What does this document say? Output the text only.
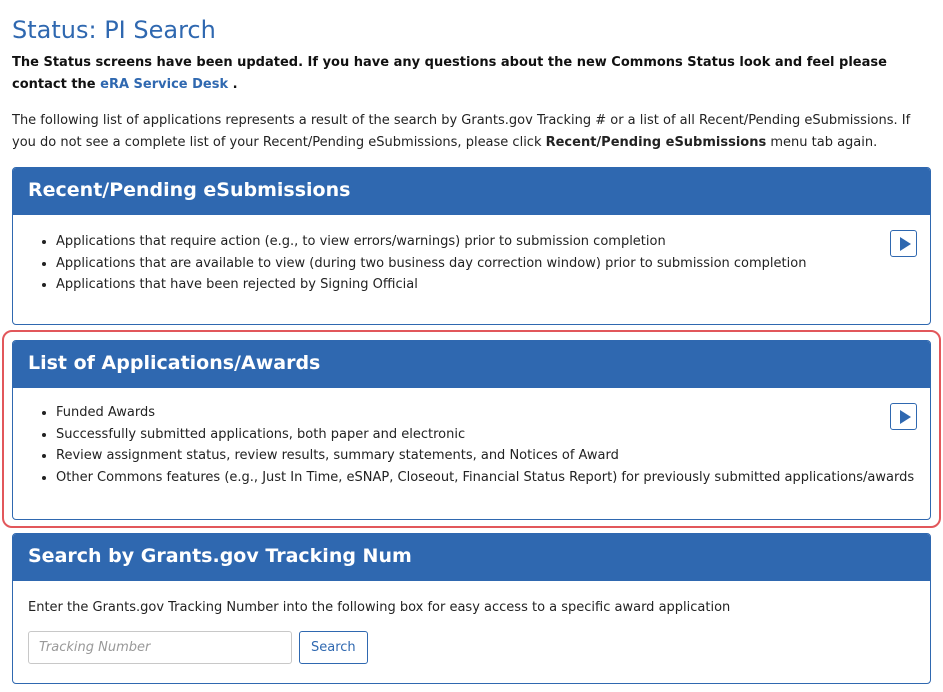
Status: PI Search
The Status screens have been updated. If you have any questions about the new Commons Status look and feel please contact the eRA Service Desk .
The following list of applications represents a result of the search by Grants.gov Tracking # or a list of all Recent/Pending eSubmissions. If you do not see a complete list of your Recent/Pending eSubmissions, please click Recent/Pending eSubmissions menu tab again.
Recent/Pending eSubmissions
• Applications that require action (e.g., to view errors/warnings) prior to submission completion
• Applications that are available to view (during two business day correction window) prior to submission completion
• Applications that have been rejected by Signing Official
List of Applications/Awards
• Funded Awards
• Successfully submitted applications, both paper and electronic
• Review assignment status, review results, summary statements, and Notices of Award
• Other Commons features (e.g., Just In Time, eSNAP, Closeout, Financial Status Report) for previously submitted applications/awards
Search by Grants.gov Tracking Num

Enter the Grants.gov Tracking Number into the following box for easy access to a specific award application

Tracking Number
Search
